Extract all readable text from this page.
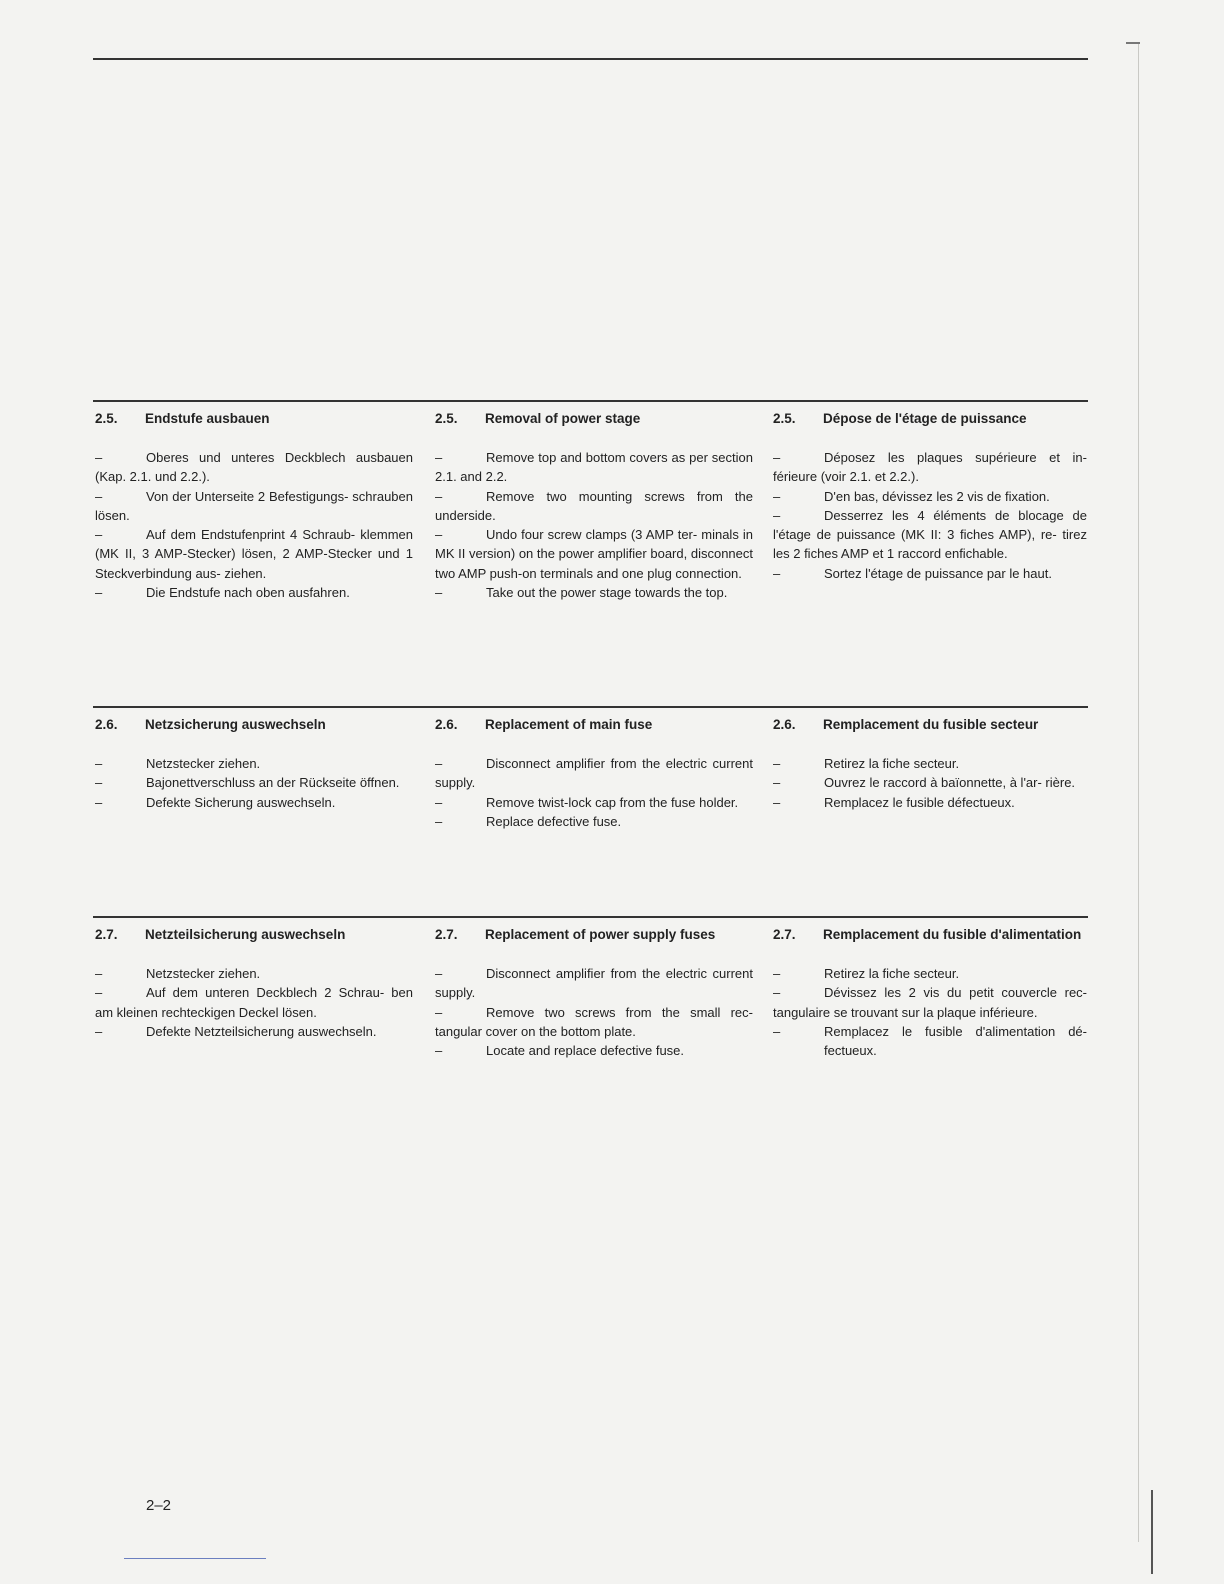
2.5.	Endstufe ausbauen
–	Oberes und unteres Deckblech ausbauen (Kap. 2.1. und 2.2.).
–	Von der Unterseite 2 Befestigungs- schrauben lösen.
–	Auf dem Endstufenprint 4 Schraub- klemmen (MK II, 3 AMP-Stecker) lösen, 2 AMP-Stecker und 1 Steckverbindung aus- ziehen.
–	Die Endstufe nach oben ausfahren.
2.5.	Removal of power stage
–	Remove top and bottom covers as per section 2.1. and 2.2.
–	Remove two mounting screws from the underside.
–	Undo four screw clamps (3 AMP ter- minals in MK II version) on the power amplifier board, disconnect two AMP push-on terminals and one plug connection.
–	Take out the power stage towards the top.
2.5.	Dépose de l'étage de puissance
–	Déposez les plaques supérieure et in- férieure (voir 2.1. et 2.2.).
–	D'en bas, dévissez les 2 vis de fixation.
–	Desserrez les 4 éléments de blocage de l'étage de puissance (MK II: 3 fiches AMP), re- tirez les 2 fiches AMP et 1 raccord enfichable.
–	Sortez l'étage de puissance par le haut.
2.6.	Netzsicherung auswechseln
–	Netzstecker ziehen.
–	Bajonettverschluss an der Rückseite öffnen.
–	Defekte Sicherung auswechseln.
2.6.	Replacement of main fuse
–	Disconnect amplifier from the electric current supply.
–	Remove twist-lock cap from the fuse holder.
–	Replace defective fuse.
2.6.	Remplacement du fusible secteur
–	Retirez la fiche secteur.
–	Ouvrez le raccord à baïonnette, à l'ar- rière.
–	Remplacez le fusible défectueux.
2.7.	Netzteilsicherung auswechseln
–	Netzstecker ziehen.
–	Auf dem unteren Deckblech 2 Schrau- ben am kleinen rechteckigen Deckel lösen.
–	Defekte Netzteilsicherung auswechseln.
2.7.	Replacement of power supply fuses
–	Disconnect amplifier from the electric current supply.
–	Remove two screws from the small rec- tangular cover on the bottom plate.
–	Locate and replace defective fuse.
2.7.	Remplacement du fusible d'alimentation
–	Retirez la fiche secteur.
–	Dévissez les 2 vis du petit couvercle rec- tangulaire se trouvant sur la plaque inférieure.
–	Remplacez le fusible d'alimentation dé- fectueux.
2–2
